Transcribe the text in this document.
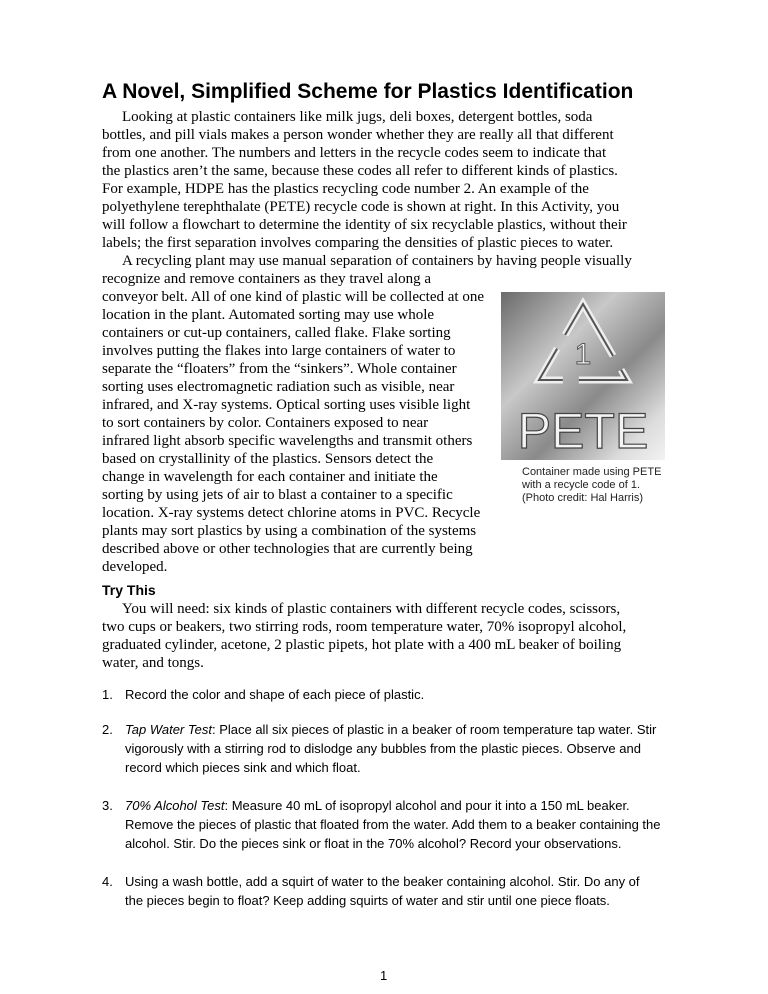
A Novel, Simplified Scheme for Plastics Identification
Looking at plastic containers like milk jugs, deli boxes, detergent bottles, soda
bottles, and pill vials makes a person wonder whether they are really all that different
from one another. The numbers and letters in the recycle codes seem to indicate that
the plastics aren’t the same, because these codes all refer to different kinds of plastics.
For example, HDPE has the plastics recycling code number 2. An example of the
polyethylene terephthalate (PETE) recycle code is shown at right. In this Activity, you
will follow a flowchart to determine the identity of six recyclable plastics, without their
labels; the first separation involves comparing the densities of plastic pieces to water.
A recycling plant may use manual separation of containers by having people visually
recognize and remove containers as they travel along a
conveyor belt. All of one kind of plastic will be collected at one
location in the plant. Automated sorting may use whole
containers or cut-up containers, called flake. Flake sorting
involves putting the flakes into large containers of water to
separate the “floaters” from the “sinkers”. Whole container
sorting uses electromagnetic radiation such as visible, near
infrared, and X-ray systems. Optical sorting uses visible light
to sort containers by color. Containers exposed to near
infrared light absorb specific wavelengths and transmit others
based on crystallinity of the plastics. Sensors detect the
change in wavelength for each container and initiate the
sorting by using jets of air to blast a container to a specific
location. X-ray systems detect chlorine atoms in PVC. Recycle
plants may sort plastics by using a combination of the systems
described above or other technologies that are currently being
developed.
1
PETE
Container made using PETE
with a recycle code of 1.
(Photo credit: Hal Harris)
Try This
You will need: six kinds of plastic containers with different recycle codes, scissors,
two cups or beakers, two stirring rods, room temperature water, 70% isopropyl alcohol,
graduated cylinder, acetone, 2 plastic pipets, hot plate with a 400 mL beaker of boiling
water, and tongs.
1. Record the color and shape of each piece of plastic.
2. Tap Water Test: Place all six pieces of plastic in a beaker of room temperature tap water. Stir
vigorously with a stirring rod to dislodge any bubbles from the plastic pieces. Observe and
record which pieces sink and which float.
3. 70% Alcohol Test: Measure 40 mL of isopropyl alcohol and pour it into a 150 mL beaker.
Remove the pieces of plastic that floated from the water. Add them to a beaker containing the
alcohol. Stir. Do the pieces sink or float in the 70% alcohol? Record your observations.
4. Using a wash bottle, add a squirt of water to the beaker containing alcohol. Stir. Do any of
the pieces begin to float? Keep adding squirts of water and stir until one piece floats.
1
